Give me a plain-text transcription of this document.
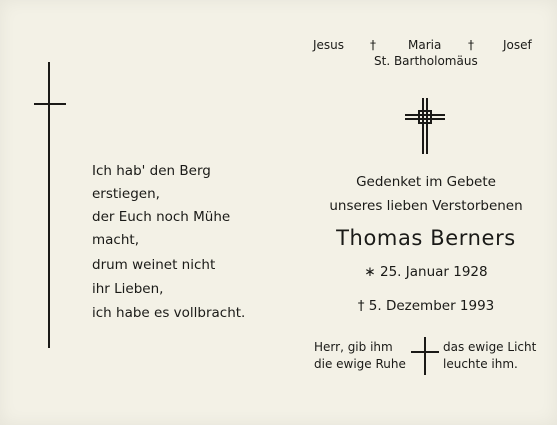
Jesus †	Maria † Josef
St. Bartholomäus
Ich hab' den Berg
erstiegen,
der Euch noch Mühe
macht,
drum weinet nicht
ihr Lieben,
ich habe es vollbracht.
Gedenket im Gebete
unseres lieben Verstorbenen
Thomas Berners
∗ 25. Januar 1928
† 5. Dezember 1993
Herr, gib ihm
die ewige Ruhe
das ewige Licht
leuchte ihm.
